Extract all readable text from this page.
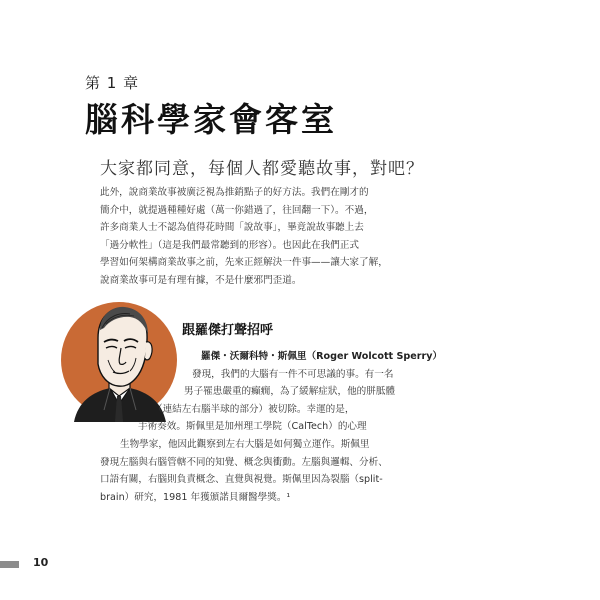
第 1 章
腦科學家會客室
大家都同意，每個人都愛聽故事，對吧？
此外，說商業故事被廣泛視為推銷點子的好方法。我們在剛才的
簡介中，就提過種種好處（萬一你錯過了，往回翻一下）。不過，
許多商業人士不認為值得花時間「說故事」，畢竟說故事聽上去
「過分軟性」（這是我們最常聽到的形容）。也因此在我們正式
學習如何架構商業故事之前，先來正經解決一件事——讓大家了解，
說商業故事可是有理有據，不是什麼邪門歪道。
跟羅傑打聲招呼
羅傑・沃爾科特・斯佩里（Roger Wolcott Sperry）
發現，我們的大腦有一件不可思議的事。有一名
男子罹患嚴重的癲癇，為了緩解症狀，他的胼胝體
（連結左右腦半球的部分）被切除。幸運的是，
手術奏效。斯佩里是加州理工學院（CalTech）的心理
生物學家，他因此觀察到左右大腦是如何獨立運作。斯佩里
發現左腦與右腦管轄不同的知覺、概念與衝動。左腦與邏輯、分析、
口語有關，右腦則負責概念、直覺與視覺。斯佩里因為裂腦（split-
brain）研究，1981 年獲頒諾貝爾醫學獎。¹
10
